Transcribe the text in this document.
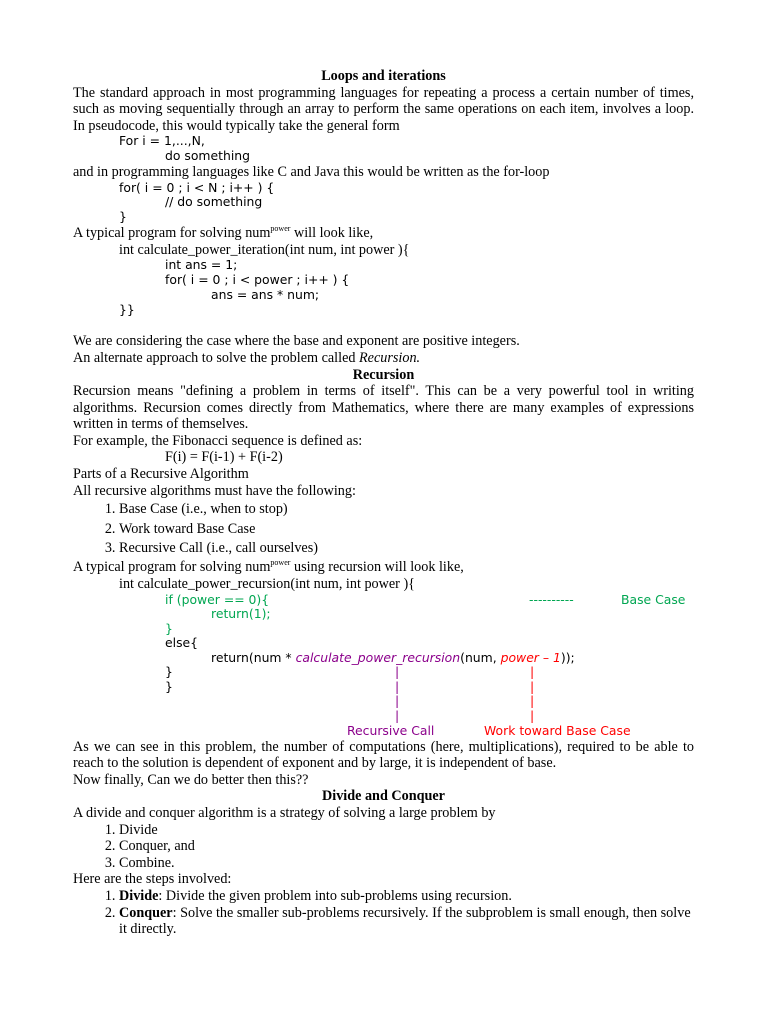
Loops and iterations

The standard approach in most programming languages for repeating a process a certain number of times, such as moving sequentially through an array to perform the same operations on each item, involves a loop. In pseudocode, this would typically take the general form

For i = 1,...,N,
do something

and in programming languages like C and Java this would be written as the for-loop

for( i = 0 ; i < N ; i++ ) {
// do something
}

A typical program for solving num$^{power}$ will look like,

int calculate_power_iteration(int num, int power ){
int ans = 1;
for( i = 0 ; i < power ; i++ ) {
ans = ans * num;
}}

We are considering the case where the base and exponent are positive integers.

An alternate approach to solve the problem called Recursion.

Recursion

Recursion means "defining a problem in terms of itself". This can be a very powerful tool in writing algorithms. Recursion comes directly from Mathematics, where there are many examples of expressions written in terms of themselves.

For example, the Fibonacci sequence is defined as:

F(i) = F(i-1) + F(i-2)

Parts of a Recursive Algorithm

All recursive algorithms must have the following:

1. Base Case (i.e., when to stop)
2. Work toward Base Case
3. Recursive Call (i.e., call ourselves)

A typical program for solving num$^{power}$ using recursion will look like,

int calculate_power_recursion(int num, int power ){
if (power == 0){	----------	Base Case
return(1);
}
else{
return(num * calculate_power_recursion(num, power – 1));
}
}
|
|
|
|
|
|
|
|
Recursive Call	Work toward Base Case

As we can see in this problem, the number of computations (here, multiplications), required to be able to reach to the solution is dependent of exponent and by large, it is independent of base.

Now finally, Can we do better then this??

Divide and Conquer

A divide and conquer algorithm is a strategy of solving a large problem by

1. Divide
2. Conquer, and
3. Combine.

Here are the steps involved:

1. Divide: Divide the given problem into sub-problems using recursion.
2. Conquer: Solve the smaller sub-problems recursively. If the subproblem is small enough, then solve it directly.
